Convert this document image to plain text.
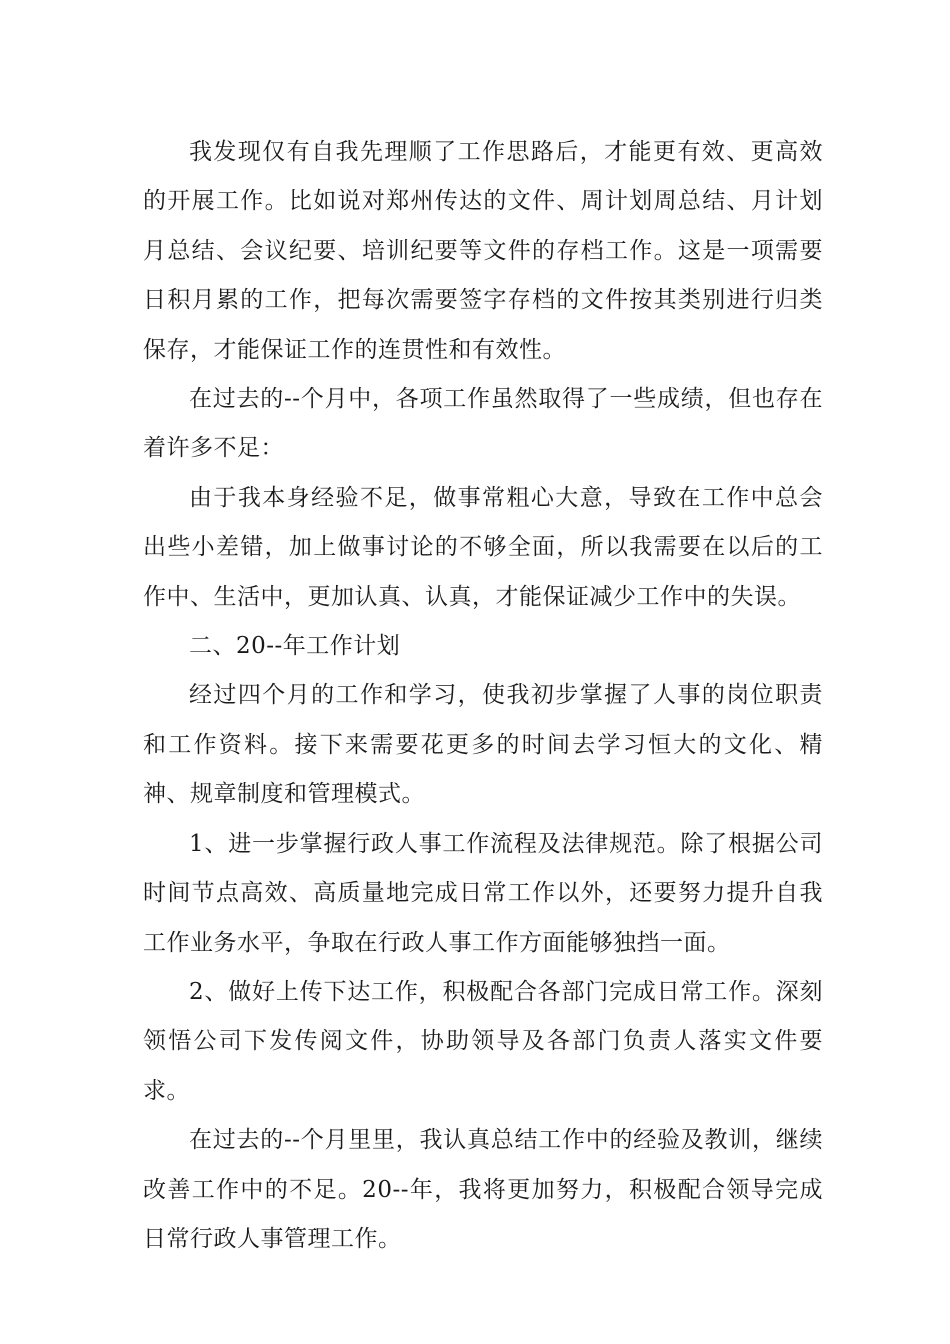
我发现仅有自我先理顺了工作思路后，才能更有效、更高效的开展工作。比如说对郑州传达的文件、周计划周总结、月计划月总结、会议纪要、培训纪要等文件的存档工作。这是一项需要日积月累的工作，把每次需要签字存档的文件按其类别进行归类保存，才能保证工作的连贯性和有效性。

在过去的--个月中，各项工作虽然取得了一些成绩，但也存在着许多不足：

由于我本身经验不足，做事常粗心大意，导致在工作中总会出些小差错，加上做事讨论的不够全面，所以我需要在以后的工作中、生活中，更加认真、认真，才能保证减少工作中的失误。

二、20--年工作计划

经过四个月的工作和学习，使我初步掌握了人事的岗位职责和工作资料。接下来需要花更多的时间去学习恒大的文化、精神、规章制度和管理模式。

1、进一步掌握行政人事工作流程及法律规范。除了根据公司时间节点高效、高质量地完成日常工作以外，还要努力提升自我工作业务水平，争取在行政人事工作方面能够独挡一面。

2、做好上传下达工作，积极配合各部门完成日常工作。深刻领悟公司下发传阅文件，协助领导及各部门负责人落实文件要求。

在过去的--个月里里，我认真总结工作中的经验及教训，继续改善工作中的不足。20--年，我将更加努力，积极配合领导完成日常行政人事管理工作。
